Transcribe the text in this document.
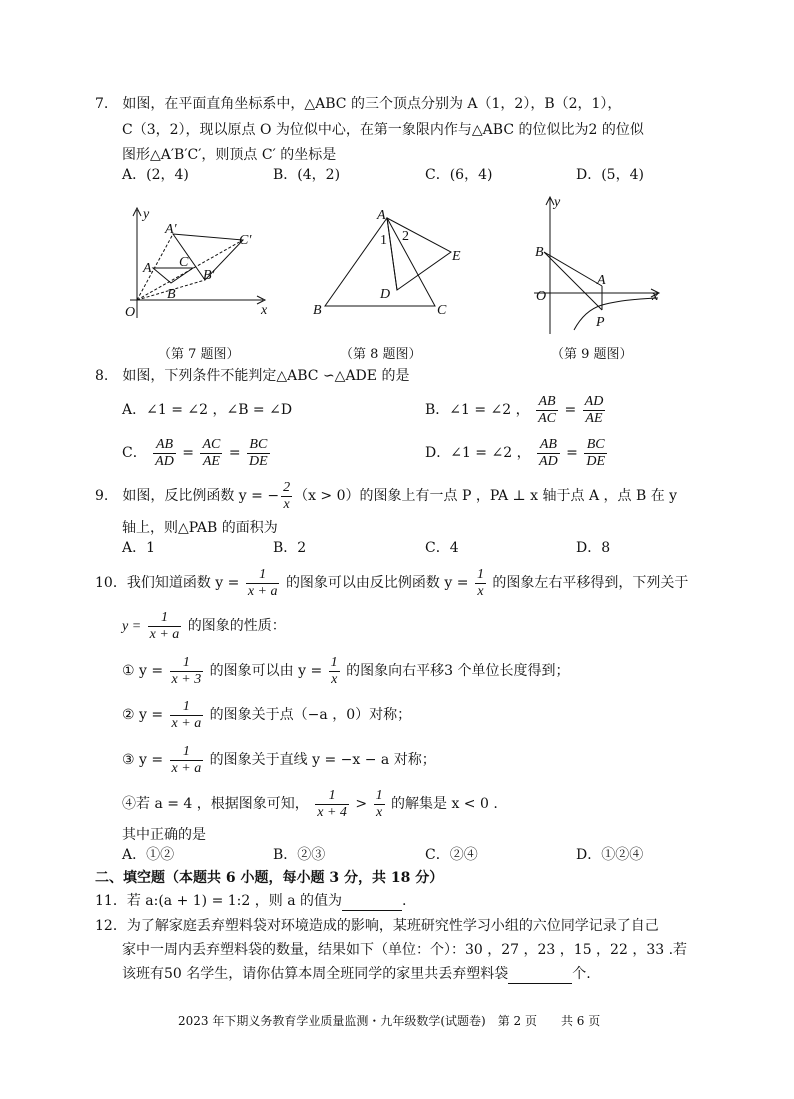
7.　如图，在平面直角坐标系中，△ABC 的三个顶点分别为 A（1，2），B（2，1），
C（3，2），现以原点 O 为位似中心，在第一象限内作与△ABC 的位似比为2 的位似
图形△A′B′C′，则顶点 C′ 的坐标是
A．(2，4)	B．(4，2)	C．(6，4)	D．(5，4)
y
x
O
A
B
C
A′
B′
C′
A
B	C
D
E
1 2
y
x
O
A
B
P
（第 7 题图）	（第 8 题图）	（第 9 题图）
8.　如图，下列条件不能判定△ABC ∽△ADE 的是
A．∠1 = ∠2 ，∠B = ∠D	B．∠1 = ∠2 ， $\frac{AB}{AC} = \frac{AD}{AE}$
C． $\frac{AB}{AD} = \frac{AC}{AE} = \frac{BC}{DE}$	D．∠1 = ∠2 ， $\frac{AB}{AD} = \frac{BC}{DE}$
9.　如图，反比例函数 y = − $\frac{2}{x} (x > 0)$的图象上有一点 P ，PA ⊥ x 轴于点 A ，点 B 在 y
轴上，则△PAB 的面积为
A．1	B．2	C．4	D．8
10．我们知道函数 $y = \frac{1}{x + a}$ 的图象可以由反比例函数 $y = \frac{1}{x}$ 的图象左右平移得到，下列关于
$y = \frac{1}{x + a}$ 的图象的性质：
① $y = \frac{1}{x + 3}$ 的图象可以由 $y = \frac{1}{x}$ 的图象向右平移3 个单位长度得到；
② $y = \frac{1}{x + a}$ 的图象关于点（−a ，0）对称；
③ $y = \frac{1}{x + a}$ 的图象关于直线 y = −x − a 对称；
④若 a = 4 ，根据图象可知， $\frac{1}{x + 4} > \frac{1}{x}$ 的解集是 x < 0 .
其中正确的是
A．①②	B．②③	C．②④	D．①②④
二、填空题（本题共 6 小题，每小题 3 分，共 18 分）
11．若 a:(a + 1) = 1:2 ，则 a 的值为	.
12．为了解家庭丢弃塑料袋对环境造成的影响，某班研究性学习小组的六位同学记录了自己
家中一周内丢弃塑料袋的数量，结果如下（单位：个）：30 ，27 ，23 ，15 ，22 ，33 .若
该班有50 名学生，请你估算本周全班同学的家里共丢弃塑料袋	个.
2023 年下期义务教育学业质量监测・九年级数学(试题卷)　第 2 页　　共 6 页
